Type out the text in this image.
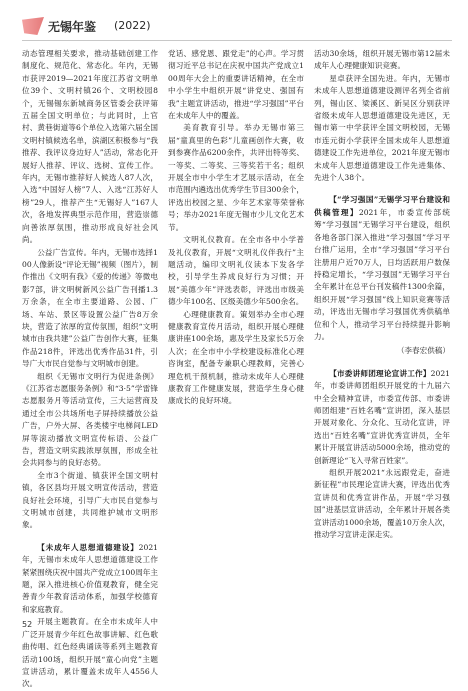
无锡年鉴 (2022)

动态管理相关要求，推动基础创建工作制度化、规范化、常态化。年内，无锡市获评2019—2021年度江苏省文明单位39个、文明村镇26个、文明校园8个，无锡锡东新城商务区管委会获评第五届全国文明单位；与此同时，上官村、黄巷街道等6个单位入选第六届全国文明村镇候选名单，滨湖区积极参与“我推荐、我评议身边好人”活动，常态化开展好人推荐、评议、选树、宣传工作。年内，无锡市推荐好人候选人87人次，入选“中国好人榜”7人、入选“江苏好人榜”29人，推荐产生“无锡好人”167人次，各地发挥典型示范作用，营造崇德向善浓厚氛围，推动形成良好社会风尚。

公益广告宣传。年内，无锡市选择100人像新设“评论无锡”视频（图片），制作推出《文明有我》《爱的传递》等微电影7部，讲文明树新风公益广告刊播1.3万余条，在全市主要道路、公园、广场、车站、景区等设置公益广告8万余块，营造了浓厚的宣传氛围，组织“文明城市由我共建”公益广告创作大赛，征集作品218件，评选出优秀作品31件，引导广大市民自觉参与文明城市创建。

组织《无锡市文明行为促进条例》《江苏省志愿服务条例》和“3·5”学雷锋志愿服务月等活动宣传，三大运营商及通过全市公共场所电子屏持续播放公益广告，户外大屏、各类楼宇电梯间LED屏等滚动播放文明宣传标语、公益广告，营造文明实践浓厚氛围，形成全社会共同参与的良好态势。

全市3个街道、镇获评全国文明村镇，各区县均开展文明宣传活动，营造良好社会环境，引导广大市民自觉参与文明城市创建，共同维护城市文明形象。

【未成年人思想道德建设】2021年，无锡市未成年人思想道德建设工作紧紧围绕庆祝中国共产党成立100周年主题，深入推进核心价值观教育，健全完善青少年教育活动体系，加强学校德育和家庭教育。

开展主题教育。在全市未成年人中广泛开展青少年红色故事讲解、红色歌曲传唱、红色经典诵读等系列主题教育活动100场，组织开展“童心向党”主题宣讲活动，累计覆盖未成年人4556人次。

党话、感党恩、跟党走”的心声。学习贯彻习近平总书记在庆祝中国共产党成立100周年大会上的重要讲话精神，在全市中小学生中组织开展“讲党史、强国有我”主题宣讲活动，推进“学习强国”平台在未成年人中的覆盖。

美育教育引导。举办无锡市第三届“童真里的色彩”儿童画创作大赛，收到参赛作品6200余件，共评出特等奖、一等奖、二等奖、三等奖若干名；组织开展全市中小学生才艺展示活动，在全市范围内遴选出优秀学生节目300余个，评选出校园之星、少年艺术家等荣誉称号；举办2021年度无锡市少儿文化艺术节。

文明礼仪教育。在全市各中小学普及礼仪教育，开展“文明礼仪伴我行”主题活动，编印文明礼仪读本下发各学校，引导学生养成良好行为习惯；开展“美德少年”评选表彰，评选出市级美德少年100名、区级美德少年500余名。

心理健康教育。策划举办全市心理健康教育宣传月活动，组织开展心理健康讲座100余场，惠及学生及家长5万余人次；在全市中小学校建设标准化心理咨询室，配备专兼职心理教师，完善心理危机干预机制，推动未成年人心理健康教育工作健康发展，营造学生身心健康成长的良好环境。

活动30余场，组织开展无锡市第12届未成年人心理健康知识竞赛。

星卓获评全国先进。年内，无锡市未成年人思想道德建设测评名列全省前列，锡山区、梁溪区、新吴区分别获评省级未成年人思想道德建设先进区，无锡市第一中学获评全国文明校园，无锡市连元街小学获评全国未成年人思想道德建设工作先进单位，2021年度无锡市未成年人思想道德建设工作先进集体、先进个人38个。

【“学习强国”无锡学习平台建设和供稿管理】2021年，市委宣传部统筹“学习强国”无锡学习平台建设，组织各地各部门深入推进“学习强国”学习平台推广运用，全市“学习强国”学习平台注册用户近70万人，日均活跃用户数保持稳定增长，“学习强国”无锡学习平台全年累计在总平台刊发稿件1300余篇，组织开展“学习强国”线上知识竞赛等活动，评选出无锡市学习强国优秀供稿单位和个人，推动学习平台持续提升影响力。

（李春宏供稿）

【市委讲师团理论宣讲工作】2021年，市委讲师团组织开展党的十九届六中全会精神宣讲，市委宣传部、市委讲师团组建“百姓名嘴”宣讲团，深入基层开展对象化、分众化、互动化宣讲，评选出“百姓名嘴”宣讲优秀宣讲员，全年累计开展宣讲活动5000余场，推动党的创新理论“飞入寻常百姓家”。

组织开展2021“永远跟党走，奋进新征程”市民理论宣讲大赛，评选出优秀宣讲员和优秀宣讲作品，开展“学习强国”进基层宣讲活动，全年累计开展各类宣讲活动1000余场，覆盖10万余人次，推动学习宣讲走深走实。

52
